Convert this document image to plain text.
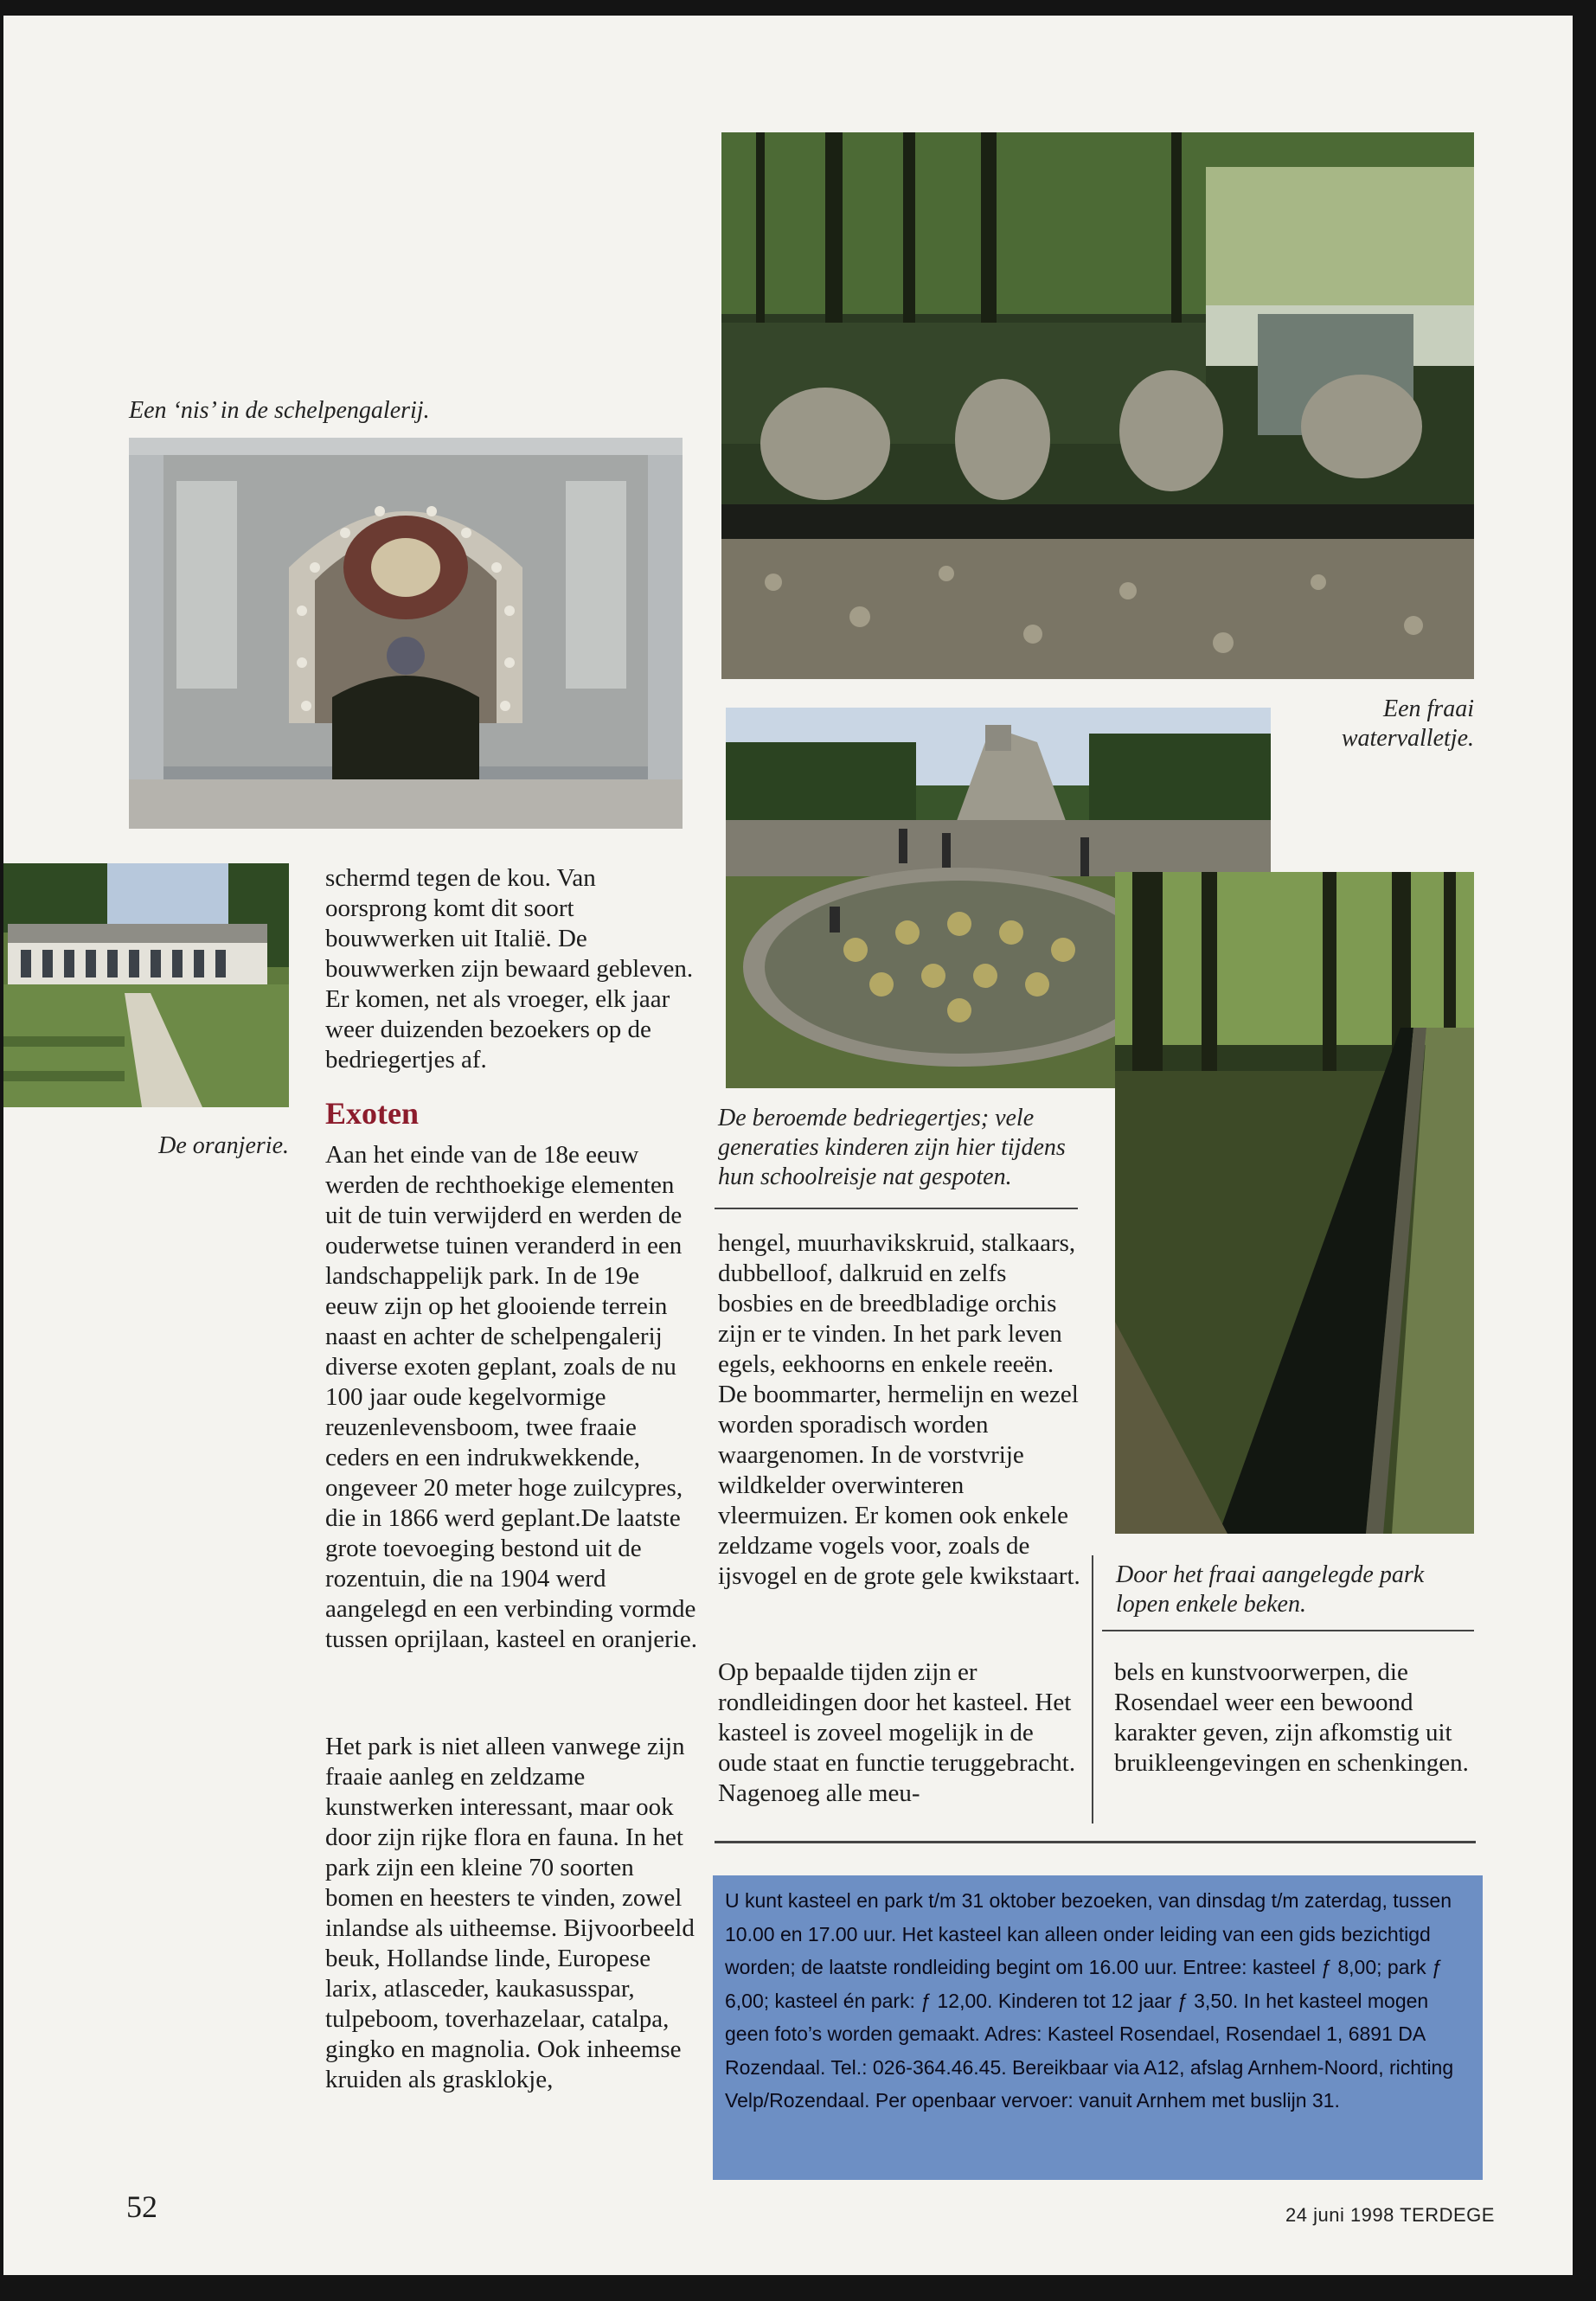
Een ‘nis’ in de schelpengalerij.
Een fraai watervalletje.
De oranjerie.

schermd tegen de kou. Van oorsprong komt dit soort bouwwerken uit Italië. De bouwwerken zijn bewaard gebleven. Er komen, net als vroeger, elk jaar weer duizenden bezoekers op de bedriegertjes af.

Exoten

Aan het einde van de 18e eeuw werden de rechthoekige elementen uit de tuin verwijderd en werden de ouderwetse tuinen veranderd in een landschappelijk park. In de 19e eeuw zijn op het glooiende terrein naast en achter de schelpengalerij diverse exoten geplant, zoals de nu 100 jaar oude kegelvormige reuzenlevensboom, twee fraaie ceders en een indrukwekkende, ongeveer 20 meter hoge zuilcypres, die in 1866 werd geplant.De laatste grote toevoeging bestond uit de rozentuin, die na 1904 werd aangelegd en een verbinding vormde tussen oprijlaan, kasteel en oranjerie.

Het park is niet alleen vanwege zijn fraaie aanleg en zeldzame kunstwerken interessant, maar ook door zijn rijke flora en fauna. In het park zijn een kleine 70 soorten bomen en heesters te vinden, zowel inlandse als uitheemse. Bijvoorbeeld beuk, Hollandse linde, Europese larix, atlasceder, kaukasusspar, tulpeboom, toverhazelaar, catalpa, gingko en magnolia. Ook inheemse kruiden als grasklokje,

De beroemde bedriegertjes; vele generaties kinderen zijn hier tijdens hun schoolreisje nat gespoten.

hengel, muurhavikskruid, stalkaars, dubbelloof, dalkruid en zelfs bosbies en de breedbladige orchis zijn er te vinden. In het park leven egels, eekhoorns en enkele reeën. De boommarter, hermelijn en wezel worden sporadisch worden waargenomen. In de vorstvrije wildkelder overwinteren vleermuizen. Er komen ook enkele zeldzame vogels voor, zoals de ijsvogel en de grote gele kwikstaart.

Op bepaalde tijden zijn er rondleidingen door het kasteel. Het kasteel is zoveel mogelijk in de oude staat en functie teruggebracht. Nagenoeg alle meu-

Door het fraai aangelegde park lopen enkele beken.

bels en kunstvoorwerpen, die Rosendael weer een bewoond karakter geven, zijn afkomstig uit bruikleengevingen en schenkingen.

U kunt kasteel en park t/m 31 oktober bezoeken, van dinsdag t/m zaterdag, tussen 10.00 en 17.00 uur. Het kasteel kan alleen onder leiding van een gids bezichtigd worden; de laatste rondleiding begint om 16.00 uur. Entree: kasteel ƒ 8,00; park ƒ 6,00; kasteel én park: ƒ 12,00. Kinderen tot 12 jaar ƒ 3,50. In het kasteel mogen geen foto’s worden gemaakt. Adres: Kasteel Rosendael, Rosendael 1, 6891 DA Rozendaal. Tel.: 026-364.46.45. Bereikbaar via A12, afslag Arnhem-Noord, richting Velp/Rozendaal. Per openbaar vervoer: vanuit Arnhem met buslijn 31.
52	24 juni 1998 TERDEGE
